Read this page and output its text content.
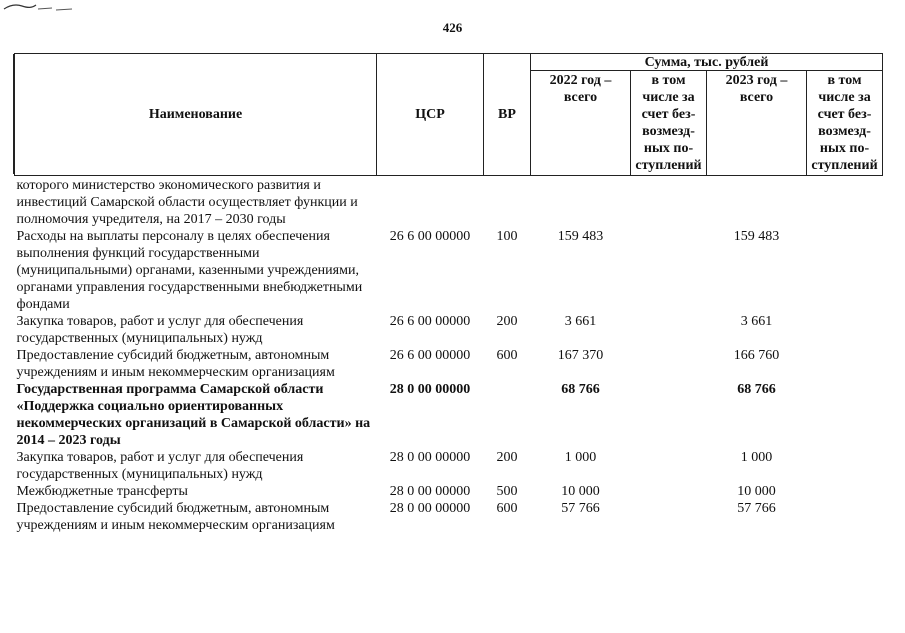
426
Наименование	ЦСР	ВР	Сумма, тыс. рублей			
			2022 год – всего	в том числе за счет без-возмезд-ных по-ступлений	2023 год – всего	в том числе за счет без-возмезд-ных по-ступлений
которого министерство экономического развития и инвестиций Самарской области осуществляет функции и полномочия учредителя, на 2017 – 2030 годы						
Расходы на выплаты персоналу в целях обеспечения выполнения функций государственными (муниципальными) органами, казенными учреждениями, органами управления государственными внебюджетными фондами	26 6 00 00000	100	159 483		159 483	
Закупка товаров, работ и услуг для обеспечения государственных (муниципальных) нужд	26 6 00 00000	200	3 661		3 661	
Предоставление субсидий бюджетным, автономным учреждениям и иным некоммерческим организациям	26 6 00 00000	600	167 370		166 760	
Государственная программа Самарской области «Поддержка социально ориентированных некоммерческих организаций в Самарской области» на 2014 – 2023 годы	28 0 00 00000		68 766		68 766	
Закупка товаров, работ и услуг для обеспечения государственных (муниципальных) нужд	28 0 00 00000	200	1 000		1 000	
Межбюджетные трансферты	28 0 00 00000	500	10 000		10 000	
Предоставление субсидий бюджетным, автономным учреждениям и иным некоммерческим организациям	28 0 00 00000	600	57 766		57 766	
